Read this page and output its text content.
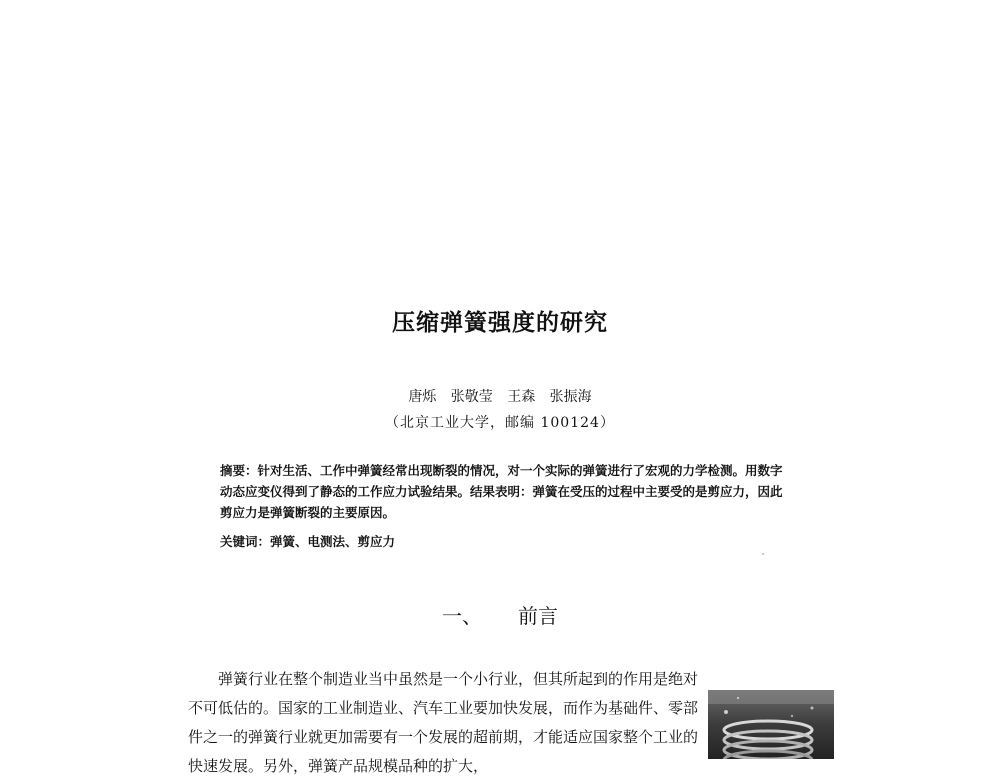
压缩弹簧强度的研究
唐烁 张敬莹 王森 张振海
（北京工业大学，邮编 100124）
摘要：针对生活、工作中弹簧经常出现断裂的情况，对一个实际的弹簧进行了宏观的力学检测。用数字动态应变仪得到了静态的工作应力试验结果。结果表明：弹簧在受压的过程中主要受的是剪应力，因此剪应力是弹簧断裂的主要原因。
关键词：弹簧、电测法、剪应力
一、 前言

弹簧行业在整个制造业当中虽然是一个小行业，但其所起到的作用是绝对不可低估的。国家的工业制造业、汽车工业要加快发展，而作为基础件、零部件之一的弹簧行业就更加需要有一个发展的超前期，才能适应国家整个工业的快速发展。另外，弹簧产品规模品种的扩大，
